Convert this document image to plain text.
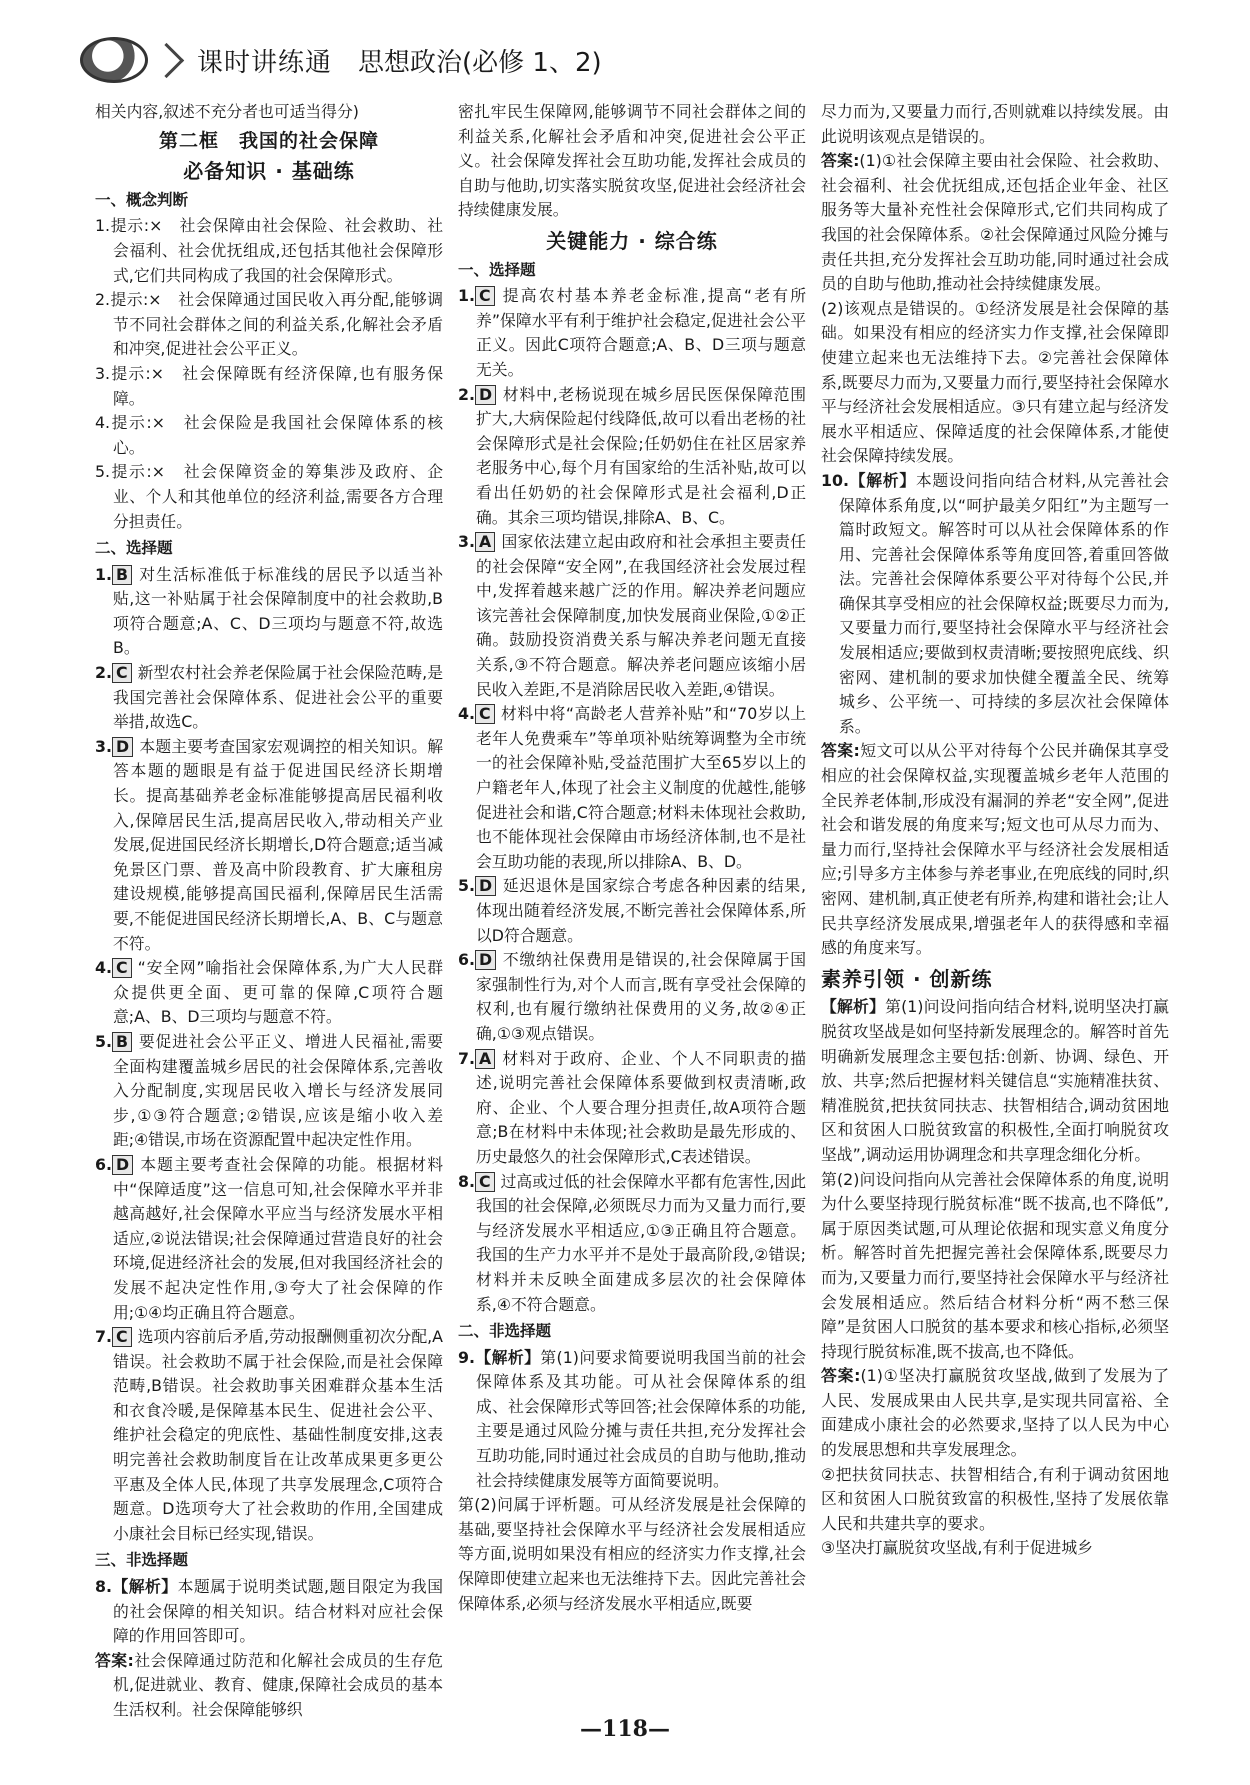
课时讲练通 思想政治(必修 1、2)

相关内容,叙述不充分者也可适当得分)

第二框　我国的社会保障
必备知识 · 基础练
一、概念判断

1.提示:×　社会保障由社会保险、社会救助、社会福利、社会优抚组成,还包括其他社会保障形式,它们共同构成了我国的社会保障形式。

2.提示:×　社会保障通过国民收入再分配,能够调节不同社会群体之间的利益关系,化解社会矛盾和冲突,促进社会公平正义。

3.提示:×　社会保障既有经济保障,也有服务保障。

4.提示:×　社会保险是我国社会保障体系的核心。

5.提示:×　社会保障资金的筹集涉及政府、企业、个人和其他单位的经济利益,需要各方合理分担责任。

二、选择题

1. B 对生活标准低于标准线的居民予以适当补贴,这一补贴属于社会保障制度中的社会救助,B项符合题意;A、C、D三项均与题意不符,故选B。

2. C 新型农村社会养老保险属于社会保险范畴,是我国完善社会保障体系、促进社会公平的重要举措,故选C。

3. D 本题主要考查国家宏观调控的相关知识。解答本题的题眼是有益于促进国民经济长期增长。提高基础养老金标准能够提高居民福利收入,保障居民生活,提高居民收入,带动相关产业发展,促进国民经济长期增长,D符合题意;适当减免景区门票、普及高中阶段教育、扩大廉租房建设规模,能够提高国民福利,保障居民生活需要,不能促进国民经济长期增长,A、B、C与题意不符。

4. C “安全网”喻指社会保障体系,为广大人民群众提供更全面、更可靠的保障,C项符合题意;A、B、D三项均与题意不符。

5. B 要促进社会公平正义、增进人民福祉,需要全面构建覆盖城乡居民的社会保障体系,完善收入分配制度,实现居民收入增长与经济发展同步,①③符合题意;②错误,应该是缩小收入差距;④错误,市场在资源配置中起决定性作用。

6. D 本题主要考查社会保障的功能。根据材料中“保障适度”这一信息可知,社会保障水平并非越高越好,社会保障水平应当与经济发展水平相适应,②说法错误;社会保障通过营造良好的社会环境,促进经济社会的发展,但对我国经济社会的发展不起决定性作用,③夸大了社会保障的作用;①④均正确且符合题意。

7. C 选项内容前后矛盾,劳动报酬侧重初次分配,A错误。社会救助不属于社会保险,而是社会保障范畴,B错误。社会救助事关困难群众基本生活和衣食冷暖,是保障基本民生、促进社会公平、维护社会稳定的兜底性、基础性制度安排,这表明完善社会救助制度旨在让改革成果更多更公平惠及全体人民,体现了共享发展理念,C项符合题意。D选项夸大了社会救助的作用,全国建成小康社会目标已经实现,错误。

三、非选择题

8.【解析】本题属于说明类试题,题目限定为我国的社会保障的相关知识。结合材料对应社会保障的作用回答即可。

答案:社会保障通过防范和化解社会成员的生存危机,促进就业、教育、健康,保障社会成员的基本生活权利。社会保障能够织

密扎牢民生保障网,能够调节不同社会群体之间的利益关系,化解社会矛盾和冲突,促进社会公平正义。社会保障发挥社会互助功能,发挥社会成员的自助与他助,切实落实脱贫攻坚,促进社会经济社会持续健康发展。

关键能力 · 综合练
一、选择题

1. C 提高农村基本养老金标准,提高“老有所养”保障水平有利于维护社会稳定,促进社会公平正义。因此C项符合题意;A、B、D三项与题意无关。

2. D 材料中,老杨说现在城乡居民医保保障范围扩大,大病保险起付线降低,故可以看出老杨的社会保障形式是社会保险;任奶奶住在社区居家养老服务中心,每个月有国家给的生活补贴,故可以看出任奶奶的社会保障形式是社会福利,D正确。其余三项均错误,排除A、B、C。

3. A 国家依法建立起由政府和社会承担主要责任的社会保障“安全网”,在我国经济社会发展过程中,发挥着越来越广泛的作用。解决养老问题应该完善社会保障制度,加快发展商业保险,①②正确。鼓励投资消费关系与解决养老问题无直接关系,③不符合题意。解决养老问题应该缩小居民收入差距,不是消除居民收入差距,④错误。

4. C 材料中将“高龄老人营养补贴”和“70岁以上老年人免费乘车”等单项补贴统筹调整为全市统一的社会保障补贴,受益范围扩大至65岁以上的户籍老年人,体现了社会主义制度的优越性,能够促进社会和谐,C符合题意;材料未体现社会救助,也不能体现社会保障由市场经济体制,也不是社会互助功能的表现,所以排除A、B、D。

5. D 延迟退休是国家综合考虑各种因素的结果,体现出随着经济发展,不断完善社会保障体系,所以D符合题意。

6. D 不缴纳社保费用是错误的,社会保障属于国家强制性行为,对个人而言,既有享受社会保障的权利,也有履行缴纳社保费用的义务,故②④正确,①③观点错误。

7. A 材料对于政府、企业、个人不同职责的描述,说明完善社会保障体系要做到权责清晰,政府、企业、个人要合理分担责任,故A项符合题意;B在材料中未体现;社会救助是最先形成的、历史最悠久的社会保障形式,C表述错误。

8. C 过高或过低的社会保障水平都有危害性,因此我国的社会保障,必须既尽力而为又量力而行,要与经济发展水平相适应,①③正确且符合题意。我国的生产力水平并不是处于最高阶段,②错误;材料并未反映全面建成多层次的社会保障体系,④不符合题意。

二、非选择题

9.【解析】第(1)问要求简要说明我国当前的社会保障体系及其功能。可从社会保障体系的组成、社会保障形式等回答;社会保障体系的功能,主要是通过风险分摊与责任共担,充分发挥社会互助功能,同时通过社会成员的自助与他助,推动社会持续健康发展等方面简要说明。

第(2)问属于评析题。可从经济发展是社会保障的基础,要坚持社会保障水平与经济社会发展相适应等方面,说明如果没有相应的经济实力作支撑,社会保障即使建立起来也无法维持下去。因此完善社会保障体系,必须与经济发展水平相适应,既要

尽力而为,又要量力而行,否则就难以持续发展。由此说明该观点是错误的。

答案:(1)①社会保障主要由社会保险、社会救助、社会福利、社会优抚组成,还包括企业年金、社区服务等大量补充性社会保障形式,它们共同构成了我国的社会保障体系。②社会保障通过风险分摊与责任共担,充分发挥社会互助功能,同时通过社会成员的自助与他助,推动社会持续健康发展。

(2)该观点是错误的。①经济发展是社会保障的基础。如果没有相应的经济实力作支撑,社会保障即使建立起来也无法维持下去。②完善社会保障体系,既要尽力而为,又要量力而行,要坚持社会保障水平与经济社会发展相适应。③只有建立起与经济发展水平相适应、保障适度的社会保障体系,才能使社会保障持续发展。

10.【解析】本题设问指向结合材料,从完善社会保障体系角度,以“呵护最美夕阳红”为主题写一篇时政短文。解答时可以从社会保障体系的作用、完善社会保障体系等角度回答,着重回答做法。完善社会保障体系要公平对待每个公民,并确保其享受相应的社会保障权益;既要尽力而为,又要量力而行,要坚持社会保障水平与经济社会发展相适应;要做到权责清晰;要按照兜底线、织密网、建机制的要求加快健全覆盖全民、统筹城乡、公平统一、可持续的多层次社会保障体系。

答案:短文可以从公平对待每个公民并确保其享受相应的社会保障权益,实现覆盖城乡老年人范围的全民养老体制,形成没有漏洞的养老“安全网”,促进社会和谐发展的角度来写;短文也可从尽力而为、量力而行,坚持社会保障水平与经济社会发展相适应;引导多方主体参与养老事业,在兜底线的同时,织密网、建机制,真正使老有所养,构建和谐社会;让人民共享经济发展成果,增强老年人的获得感和幸福感的角度来写。

素养引领 · 创新练

【解析】第(1)问设问指向结合材料,说明坚决打赢脱贫攻坚战是如何坚持新发展理念的。解答时首先明确新发展理念主要包括:创新、协调、绿色、开放、共享;然后把握材料关键信息“实施精准扶贫、精准脱贫,把扶贫同扶志、扶智相结合,调动贫困地区和贫困人口脱贫致富的积极性,全面打响脱贫攻坚战”,调动运用协调理念和共享理念细化分析。

第(2)问设问指向从完善社会保障体系的角度,说明为什么要坚持现行脱贫标准“既不拔高,也不降低”,属于原因类试题,可从理论依据和现实意义角度分析。解答时首先把握完善社会保障体系,既要尽力而为,又要量力而行,要坚持社会保障水平与经济社会发展相适应。然后结合材料分析“两不愁三保障”是贫困人口脱贫的基本要求和核心指标,必须坚持现行脱贫标准,既不拔高,也不降低。

答案:(1)①坚决打赢脱贫攻坚战,做到了发展为了人民、发展成果由人民共享,是实现共同富裕、全面建成小康社会的必然要求,坚持了以人民为中心的发展思想和共享发展理念。

②把扶贫同扶志、扶智相结合,有利于调动贫困地区和贫困人口脱贫致富的积极性,坚持了发展依靠人民和共建共享的要求。

③坚决打赢脱贫攻坚战,有利于促进城乡

—118—
